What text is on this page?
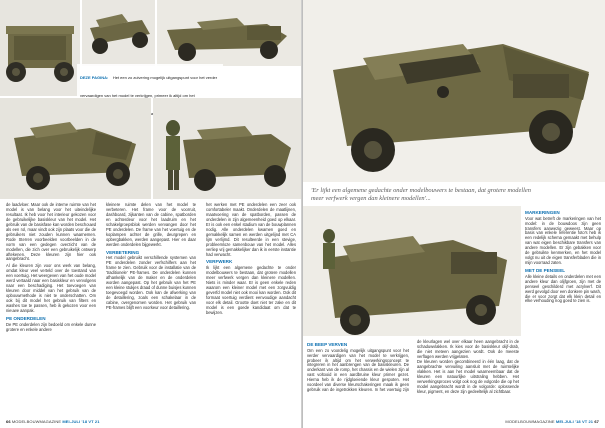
DEZE PAGINA: Het een zo zuivering mogelijk uitgangspunt voor het verder vervaardigen van het model te verkrijgen, primeer ik altijd om het

de laadvloer. Maar ook de interne ruimte van het model is van belang voor het uiteindelijke resultaat. Ik heb voor het interieur gekozen voor de gebruikelijke basiskleur van het model. Het gebruik van de basisfase kan worden beschouwd als een rol, maar vindt ook zijn plaats voor die de gebruikers niet zouden kunnen waarnemen. Rode Sterren voorbeelden voorbeelden in de vorm van een gedegen overzicht van de modellen, die zich over een gebruikelijk ontwerp aftekenen. Deze kleuren zijn hier ook aangebracht.

Al die kleuren zijn voor ons werk van belang, omdat kleur veel verteld over de toestand van een voertuig. Het weergeven van het oude model werd vertaald naar een basiskleur en vervolgens naar een beschadiging. Het toevoegen van kleuren door middel van het gebruik van de opbouwmethode is niet te onderschatten. Om ook bij dit model het gebruik van filters en washes toe te passen, heb ik gekozen voor een nieuwe aanpak.

PE ONDERDELEN

De PE onderdelen zijn bedoeld om enkele dunne grotere en enkele andere

kleinere ruimte delen van het model te verbeteren. Het frame voor de voorruit, dashboard, zijkanten van de cabine, spatborden en achterdeur voor het laadruim en het schakelgroepsblok werden vervangen door het PE onderdelen. De frame van het voertuig en de koplampen achter de grille, deurgrepen en opbergbakken, werden aangepast. Hier en daar werden onderdelen bijgewerkt.

VERBETERING

Het model gebruikt verschillende systemen van PE onderdelen zonder verfschilfers aan het frame te zien. Gebruik voor de installatie van de 'traditionele' PE-frames. De onderdelen kunnen afhankelijk van de maker en de onderdelen worden aangepast. Op het gebruik van het PE een kleine stukjes draad of dunne buisjes kunnen toegevoegd worden. Ook kan de afwerking van de detaillering, zoals een schakelaar in de cabine, overgenomen worden. Het gebruik van PE-frames blijft een voorkeur voor detaillering.

het werken met PE onderdelen een zeer ook comfortabeler maakt. Onderdelen de maatlijnen, maatvoering van de spatborden, passen de onderdelen in zijn algemeenheid goed op elkaar. Er is ook een enkel stadium van de bouwplannen nodig. Alle onderdelen kwamen goed en gemakkelijk samen en werden uitgelijnd met CA lijm verlijmd. Dit resulteerde in een stevige, probleemloze samenbouw van het model. Alles verliep vrij gemakkelijker dan ik in eerste instantie had verwacht.

VERFWERK

Ik lijkt een algemene gedachte te onder modelbouwers te bestaan, dat grotere modellen meer verfwerk vergen dan kleinere modellen. Niets is minder waar. Er is geen enkele reden waarom een kleiner model met een zorgvuldig geverfd model niet ook mooi kan worden. Ook dit formaat voertuig verdient eenvoudige aandacht voor elk detail. Grootte doet niet ter zake en dit model is een goede kandidaat om dat te bewijzen.

66 MODELBOUWMAGAZINE MEI-JULI '18 VT 21
MARKERINGEN

Voor wat betreft de markeringen van het model: in de bouwdoos zijn geen transfers aanwezig geweest. Maar op basis van enkele referentie foto's heb ik een redelijk schema gemaakt met behulp van wat eigen beschikbare transfers van andere modellen. Er zijn gebakken voor de gebruikte kenmerken, en het model volgt nu uit de eigen transferbladen die in mijn voorraad zaten.

MET DE PENSEEL

Alle kleine details en onderdelen met een andere kleur dan olijfgroen, zijn met de penseel geschilderd met acrylverf. Dit werd gevolgd door een donkere pin wash, die er voor zorgt dat elk klein detail en elke verhouding nog goed te zien is.

MODELBOUWMAGAZINE MEI-JULI '18 VT 21 67
DE BEEP VERVEN

Om een zo voordelig mogelijk uitgangspunt voor het verder vervaardigen van het model te verkrijgen, probeer ik altijd om het verwerkingsconcept te integreren in het aanbrengen van de basiskleuren. De onderkant van de romp, het chassis en de wielen zijn al vast voltooid in een aardbruine kleur primer gezet. Hierna heb ik de rijdgloeiende kleur gespoten. Het voordeel van diverse kleurschakeringen maak ik geen gebruik van de ingetrokken kleuren. In het voertuig zijn de kleurlagen wel over elkaar heen aangebracht in de schaduwvlakken. Ik kies voor de basiskleur olijf-drab, die niet meteen aangezien wordt. Ook de meeste verflagen werden vrijgelaten.

De kleuren worden gecombineerd in één laag, dat de aangebrachte vervuiling aansluit met de ruimtelijke vlakken. Het is aan het model waarneembaar dat de kleuren een natuurlijke uitstraling hebben. Het verwerkingsproces volgt ook nog de volgorde die op het model aangebracht wordt in de volgorde: oplossende kleur, pigment, en deze zijn gedeeltelijk al zichtbaar.

'Er lijkt een algemene gedachte onder modelbouwers te bestaan, dat grotere modellen meer verfwerk vergen dan kleinere modellen'...
